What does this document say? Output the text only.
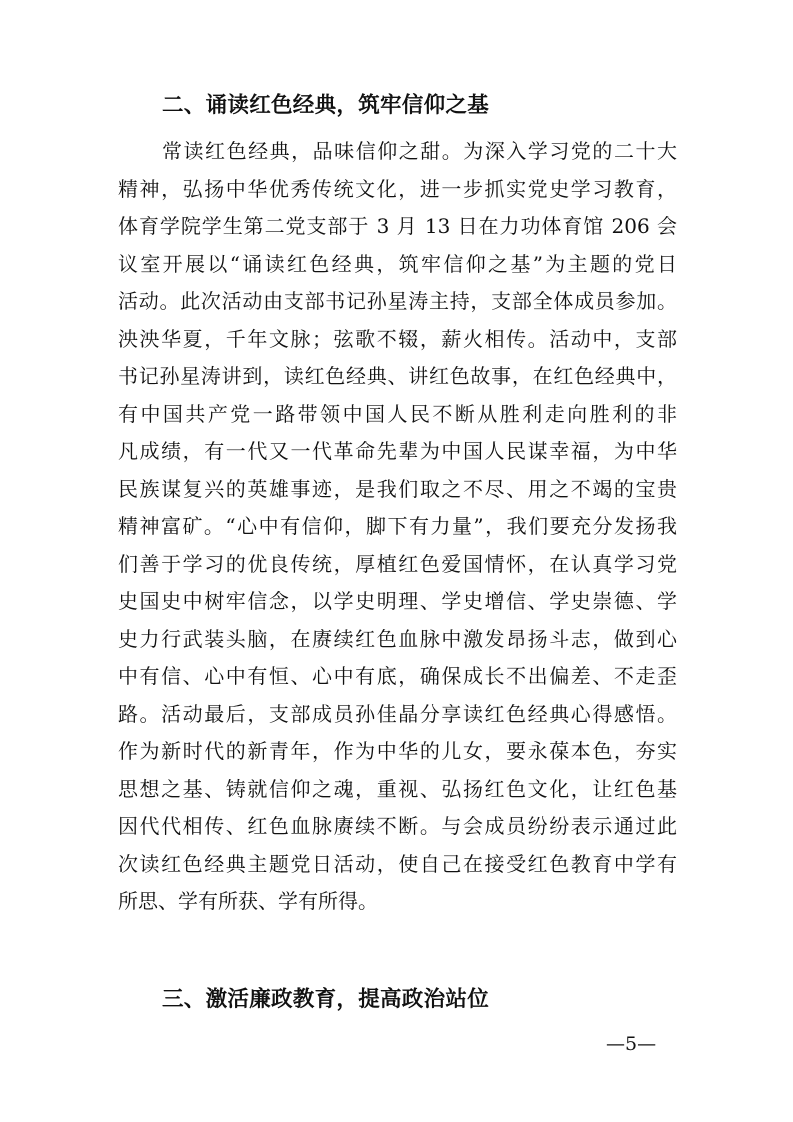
二、诵读红色经典，筑牢信仰之基
常读红色经典，品味信仰之甜。为深入学习党的二十大
精神，弘扬中华优秀传统文化，进一步抓实党史学习教育，
体育学院学生第二党支部于 3 月 13 日在力功体育馆 206 会
议室开展以“诵读红色经典，筑牢信仰之基”为主题的党日
活动。此次活动由支部书记孙星涛主持，支部全体成员参加。
泱泱华夏，千年文脉；弦歌不辍，薪火相传。活动中，支部
书记孙星涛讲到，读红色经典、讲红色故事，在红色经典中，
有中国共产党一路带领中国人民不断从胜利走向胜利的非
凡成绩，有一代又一代革命先辈为中国人民谋幸福，为中华
民族谋复兴的英雄事迹，是我们取之不尽、用之不竭的宝贵
精神富矿。“心中有信仰，脚下有力量”，我们要充分发扬我
们善于学习的优良传统，厚植红色爱国情怀，在认真学习党
史国史中树牢信念，以学史明理、学史增信、学史崇德、学
史力行武装头脑，在赓续红色血脉中激发昂扬斗志，做到心
中有信、心中有恒、心中有底，确保成长不出偏差、不走歪
路。活动最后，支部成员孙佳晶分享读红色经典心得感悟。
作为新时代的新青年，作为中华的儿女，要永葆本色，夯实
思想之基、铸就信仰之魂，重视、弘扬红色文化，让红色基
因代代相传、红色血脉赓续不断。与会成员纷纷表示通过此
次读红色经典主题党日活动，使自己在接受红色教育中学有
所思、学有所获、学有所得。
三、激活廉政教育，提高政治站位
—5—
